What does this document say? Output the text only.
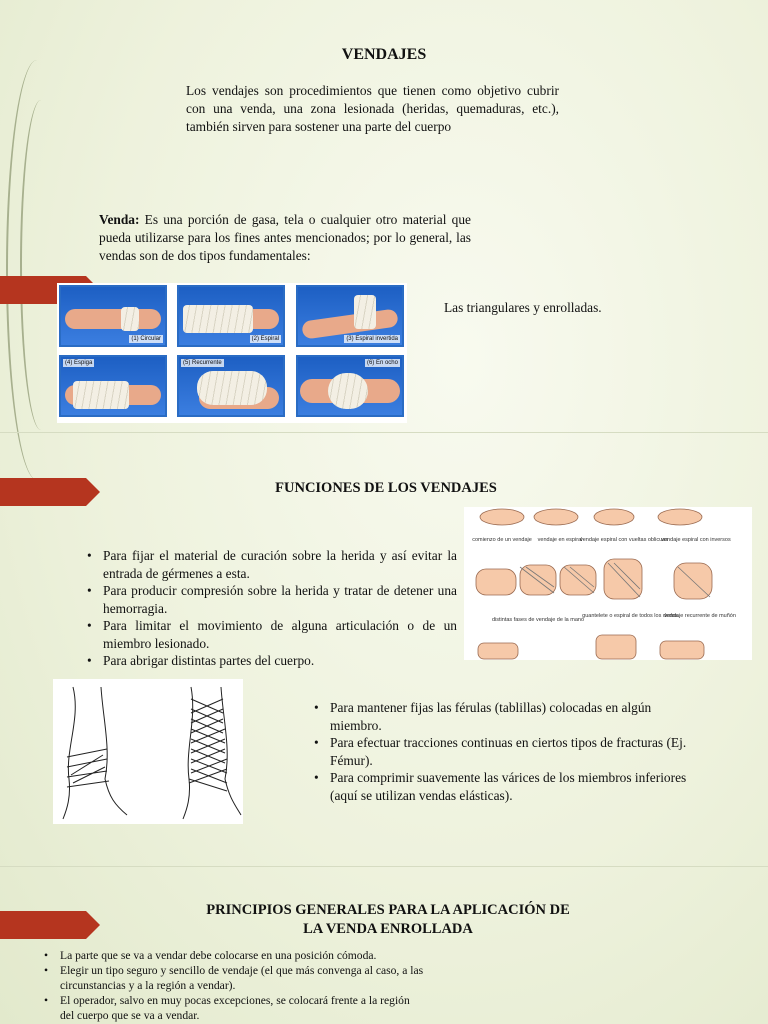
VENDAJES
Los vendajes son procedimientos que tienen como objetivo cubrir con una venda, una zona lesionada (heridas, quemaduras, etc.), también sirven para sostener una parte del cuerpo
Venda: Es una porción de gasa, tela o cualquier otro material que pueda utilizarse para los fines antes mencionados; por lo general, las vendas son de dos tipos fundamentales:
(1) Circular	(2) Espiral	(3) Espiral invertida
(4) Espiga	(5) Recurrente	(6) En ocho
Las triangulares y enrolladas.
FUNCIONES DE LOS VENDAJES
comienzo de un vendaje vendaje en espiral
vendaje espiral con vueltas oblicuas
vendaje espiral con inversos
distintas fases de vendaje de la mano
guantelete o espiral de todos los dedos
vendaje recurrente de muñón
• Para fijar el material de curación sobre la herida y así evitar la entrada de gérmenes a esta.
• Para producir compresión sobre la herida y tratar de detener una hemorragia.
• Para limitar el movimiento de alguna articulación o de un miembro lesionado.
• Para abrigar distintas partes del cuerpo.
• Para mantener fijas las férulas (tablillas) colocadas en algún miembro.
• Para efectuar tracciones continuas en ciertos tipos de fracturas (Ej. Fémur).
• Para comprimir suavemente las várices de los miembros inferiores (aquí se utilizan vendas elásticas).
PRINCIPIOS GENERALES PARA LA APLICACIÓN DE
LA VENDA ENROLLADA
• La parte que se va a vendar debe colocarse en una posición cómoda.
• Elegir un tipo seguro y sencillo de vendaje (el que más convenga al caso, a las circunstancias y a la región a vendar).
• El operador, salvo en muy pocas excepciones, se colocará frente a la región del cuerpo que se va a vendar.
